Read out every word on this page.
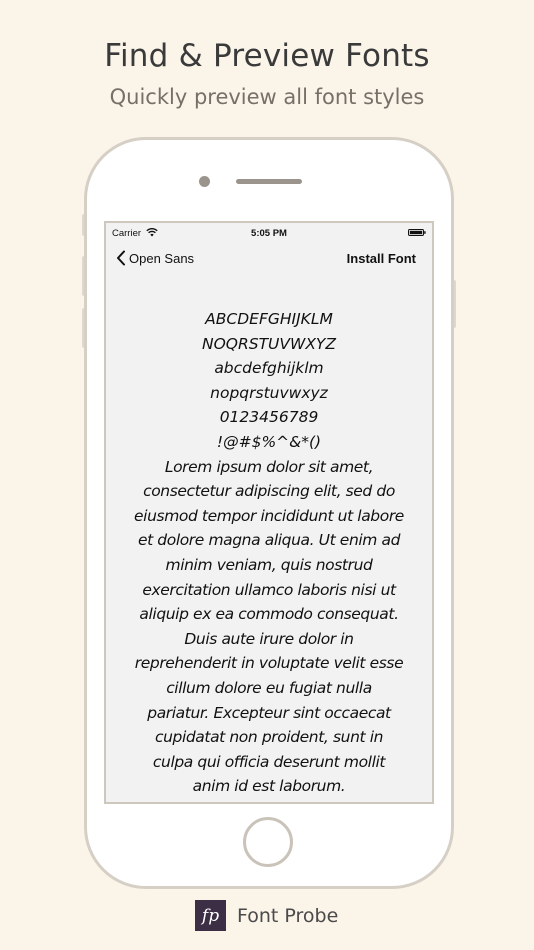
Find & Preview Fonts
Quickly preview all font styles
Carrier	5:05 PM
Open Sans	Install Font
ABCDEFGHIJKLM
NOQRSTUVWXYZ
abcdefghijklm
nopqrstuvwxyz
0123456789
!@#$%^&*()
Lorem ipsum dolor sit amet,
consectetur adipiscing elit, sed do
eiusmod tempor incididunt ut labore
et dolore magna aliqua. Ut enim ad
minim veniam, quis nostrud
exercitation ullamco laboris nisi ut
aliquip ex ea commodo consequat.
Duis aute irure dolor in
reprehenderit in voluptate velit esse
cillum dolore eu fugiat nulla
pariatur. Excepteur sint occaecat
cupidatat non proident, sunt in
culpa qui officia deserunt mollit
anim id est laborum.
fp Font Probe
